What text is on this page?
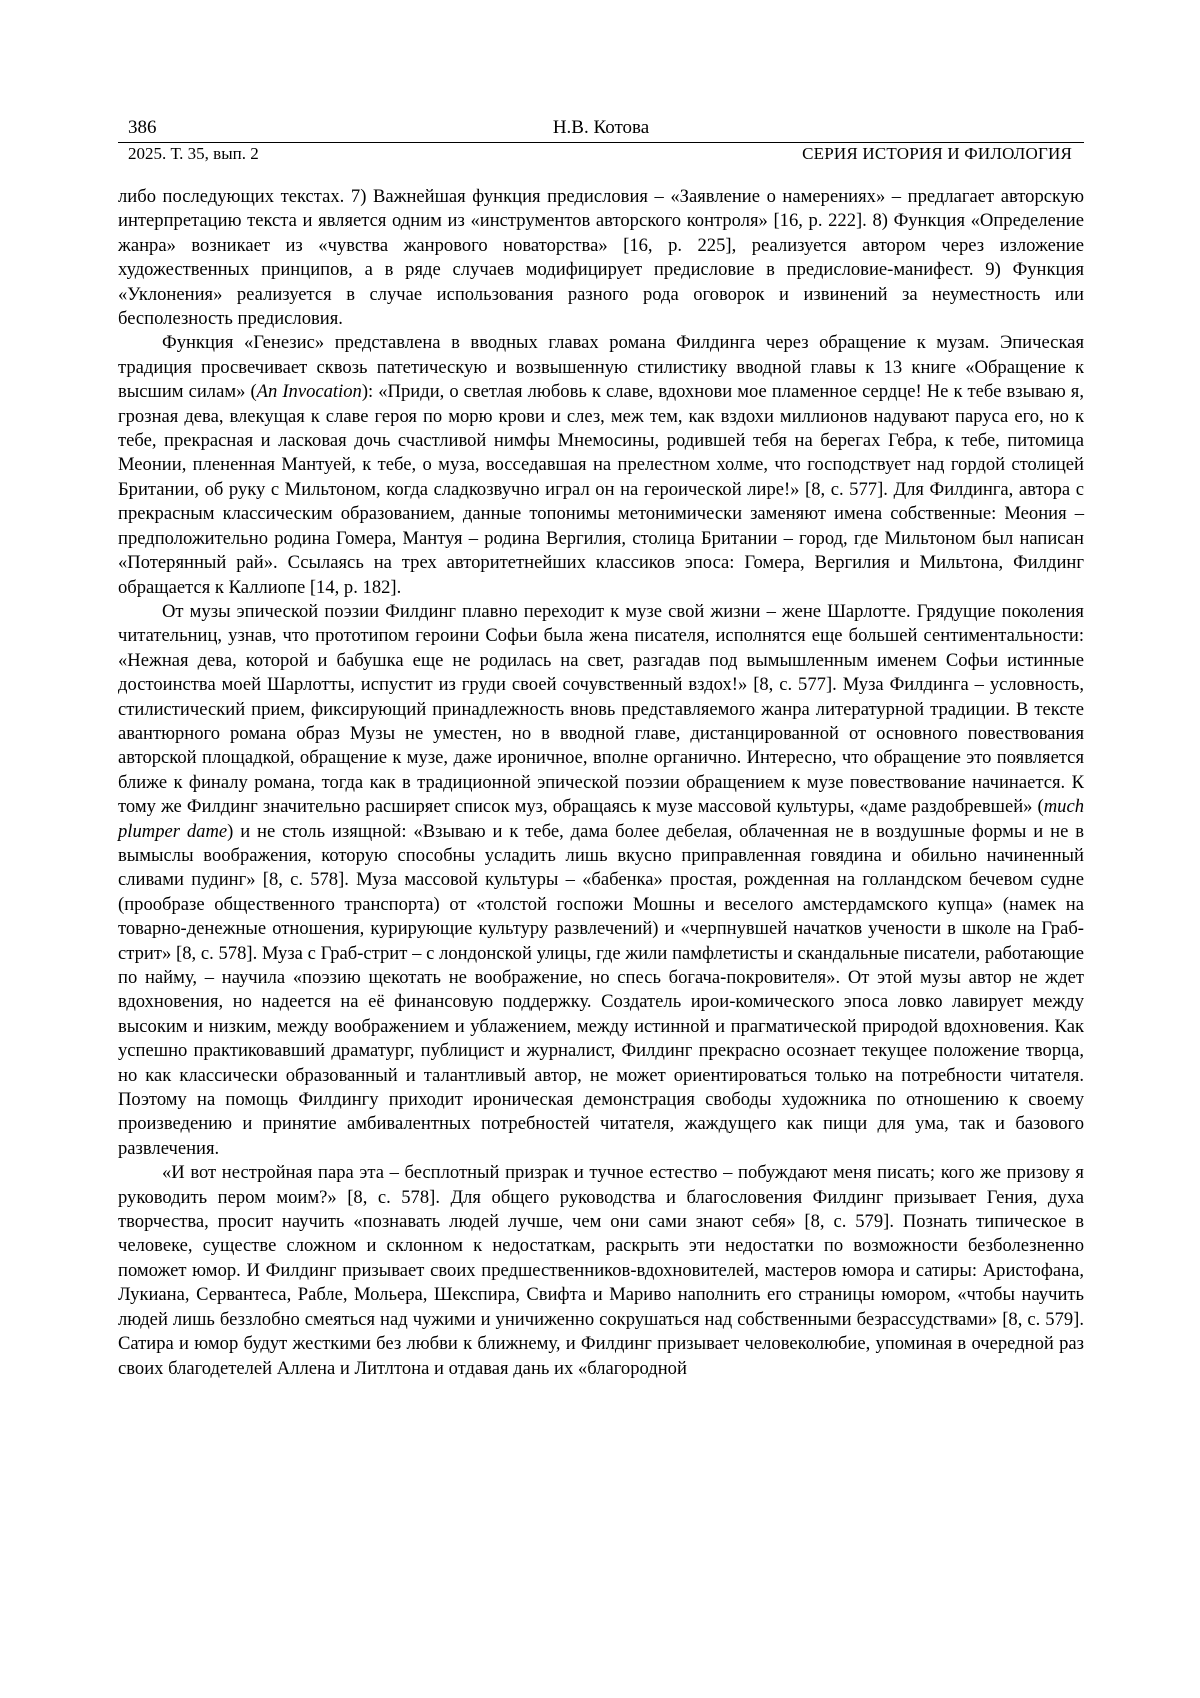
386	Н.В. Котова
2025. Т. 35, вып. 2	СЕРИЯ ИСТОРИЯ И ФИЛОЛОГИЯ

либо последующих текстах. 7) Важнейшая функция предисловия – «Заявление о намерениях» – предлагает авторскую интерпретацию текста и является одним из «инструментов авторского контроля» [16, p. 222]. 8) Функция «Определение жанра» возникает из «чувства жанрового новаторства» [16, p. 225], реализуется автором через изложение художественных принципов, а в ряде случаев модифицирует предисловие в предисловие-манифест. 9) Функция «Уклонения» реализуется в случае использования разного рода оговорок и извинений за неуместность или бесполезность предисловия.

Функция «Генезис» представлена в вводных главах романа Филдинга через обращение к музам. Эпическая традиция просвечивает сквозь патетическую и возвышенную стилистику вводной главы к 13 книге «Обращение к высшим силам» (An Invocation): «Приди, о светлая любовь к славе, вдохнови мое пламенное сердце! Не к тебе взываю я, грозная дева, влекущая к славе героя по морю крови и слез, меж тем, как вздохи миллионов надувают паруса его, но к тебе, прекрасная и ласковая дочь счастливой нимфы Мнемосины, родившей тебя на берегах Гебра, к тебе, питомица Меонии, плененная Мантуей, к тебе, о муза, восседавшая на прелестном холме, что господствует над гордой столицей Британии, об руку с Мильтоном, когда сладкозвучно играл он на героической лире!» [8, с. 577]. Для Филдинга, автора с прекрасным классическим образованием, данные топонимы метонимически заменяют имена собственные: Меония – предположительно родина Гомера, Мантуя – родина Вергилия, столица Британии – город, где Мильтоном был написан «Потерянный рай». Ссылаясь на трех авторитетнейших классиков эпоса: Гомера, Вергилия и Мильтона, Филдинг обращается к Каллиопе [14, p. 182].

От музы эпической поэзии Филдинг плавно переходит к музе свой жизни – жене Шарлотте. Грядущие поколения читательниц, узнав, что прототипом героини Софьи была жена писателя, исполнятся еще большей сентиментальности: «Нежная дева, которой и бабушка еще не родилась на свет, разгадав под вымышленным именем Софьи истинные достоинства моей Шарлотты, испустит из груди своей сочувственный вздох!» [8, с. 577]. Муза Филдинга – условность, стилистический прием, фиксирующий принадлежность вновь представляемого жанра литературной традиции. В тексте авантюрного романа образ Музы не уместен, но в вводной главе, дистанцированной от основного повествования авторской площадкой, обращение к музе, даже ироничное, вполне органично. Интересно, что обращение это появляется ближе к финалу романа, тогда как в традиционной эпической поэзии обращением к музе повествование начинается. К тому же Филдинг значительно расширяет список муз, обращаясь к музе массовой культуры, «даме раздобревшей» (much plumper dame) и не столь изящной: «Взываю и к тебе, дама более дебелая, облаченная не в воздушные формы и не в вымыслы воображения, которую способны усладить лишь вкусно приправленная говядина и обильно начиненный сливами пудинг» [8, с. 578]. Муза массовой культуры – «бабенка» простая, рожденная на голландском бечевом судне (прообразе общественного транспорта) от «толстой госпожи Мошны и веселого амстердамского купца» (намек на товарно-денежные отношения, курирующие культуру развлечений) и «черпнувшей начатков учености в школе на Граб-стрит» [8, с. 578]. Муза с Граб-стрит – с лондонской улицы, где жили памфлетисты и скандальные писатели, работающие по найму, – научила «поэзию щекотать не воображение, но спесь богача-покровителя». От этой музы автор не ждет вдохновения, но надеется на её финансовую поддержку. Создатель ирои-комического эпоса ловко лавирует между высоким и низким, между воображением и ублажением, между истинной и прагматической природой вдохновения. Как успешно практиковавший драматург, публицист и журналист, Филдинг прекрасно осознает текущее положение творца, но как классически образованный и талантливый автор, не может ориентироваться только на потребности читателя. Поэтому на помощь Филдингу приходит ироническая демонстрация свободы художника по отношению к своему произведению и принятие амбивалентных потребностей читателя, жаждущего как пищи для ума, так и базового развлечения.

«И вот нестройная пара эта – бесплотный призрак и тучное естество – побуждают меня писать; кого же призову я руководить пером моим?» [8, с. 578]. Для общего руководства и благословения Филдинг призывает Гения, духа творчества, просит научить «познавать людей лучше, чем они сами знают себя» [8, с. 579]. Познать типическое в человеке, существе сложном и склонном к недостаткам, раскрыть эти недостатки по возможности безболезненно поможет юмор. И Филдинг призывает своих предшественников-вдохновителей, мастеров юмора и сатиры: Аристофана, Лукиана, Сервантеса, Рабле, Мольера, Шекспира, Свифта и Мариво наполнить его страницы юмором, «чтобы научить людей лишь беззлобно смеяться над чужими и уничиженно сокрушаться над собственными безрассудствами» [8, с. 579]. Сатира и юмор будут жесткими без любви к ближнему, и Филдинг призывает человеколюбие, упоминая в очередной раз своих благодетелей Аллена и Литлтона и отдавая дань их «благородной
